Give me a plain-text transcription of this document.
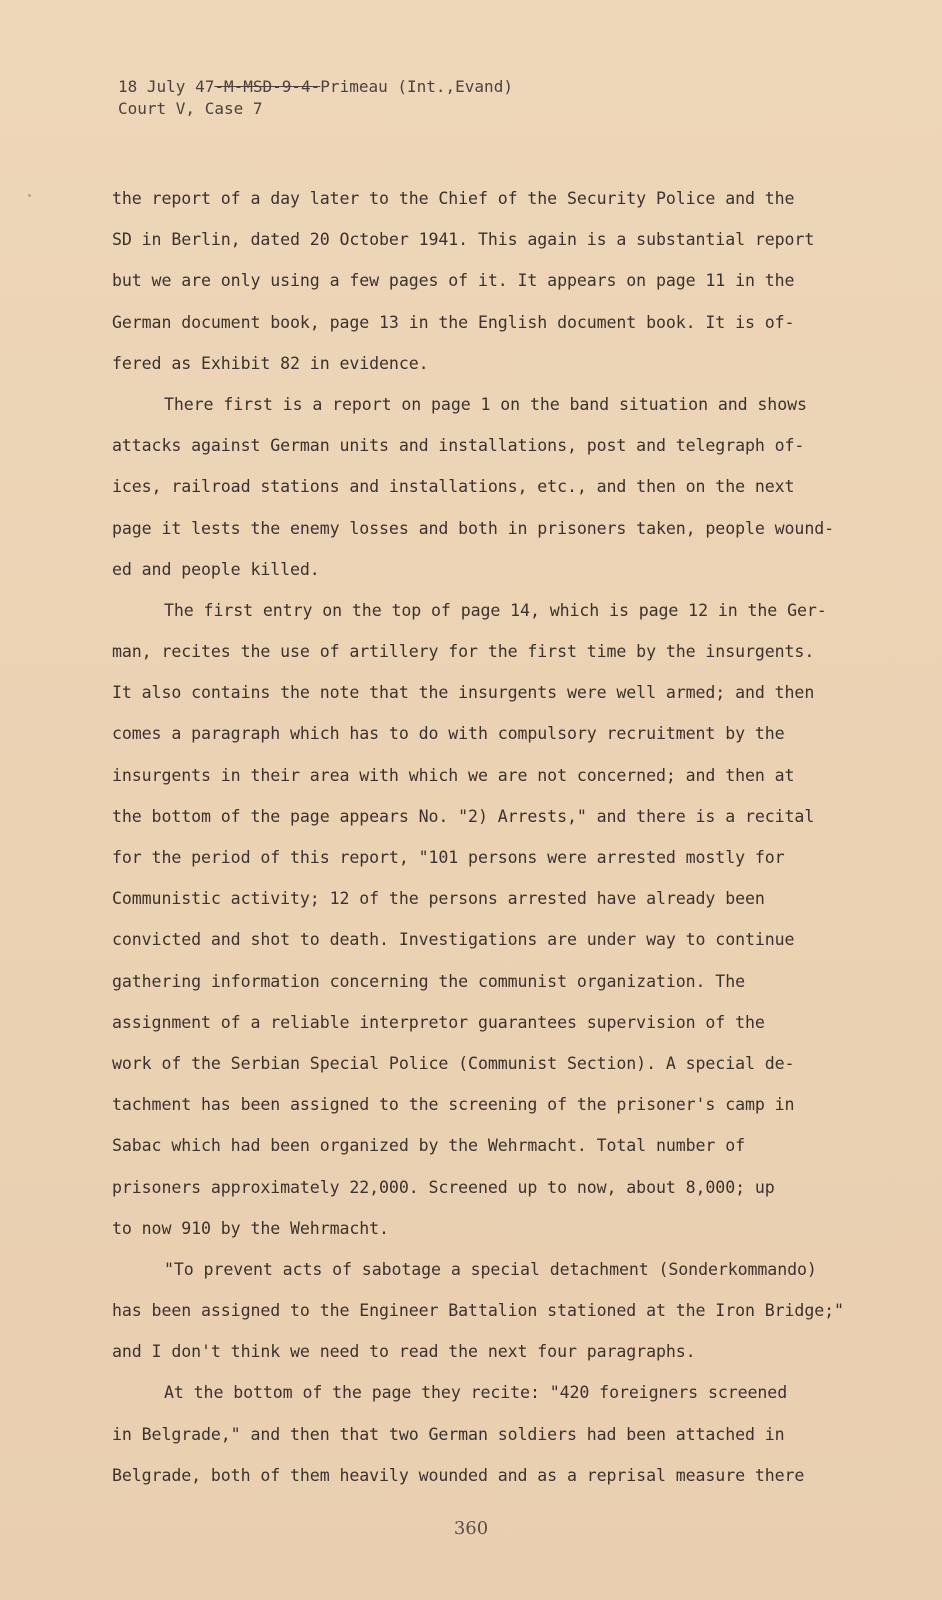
18 July 47-M-MSD-9-4-Primeau (Int.,Evand)
Court V, Case 7
the report of a day later to the Chief of the Security Police and the
SD in Berlin, dated 20 October 1941. This again is a substantial report
but we are only using a few pages of it. It appears on page 11 in the
German document book, page 13 in the English document book. It is of-
fered as Exhibit 82 in evidence.
There first is a report on page 1 on the band situation and shows
attacks against German units and installations, post and telegraph of-
ices, railroad stations and installations, etc., and then on the next
page it lests the enemy losses and both in prisoners taken, people wound-
ed and people killed.
The first entry on the top of page 14, which is page 12 in the Ger-
man, recites the use of artillery for the first time by the insurgents.
It also contains the note that the insurgents were well armed; and then
comes a paragraph which has to do with compulsory recruitment by the
insurgents in their area with which we are not concerned; and then at
the bottom of the page appears No. "2) Arrests," and there is a recital
for the period of this report, "101 persons were arrested mostly for
Communistic activity; 12 of the persons arrested have already been
convicted and shot to death. Investigations are under way to continue
gathering information concerning the communist organization. The
assignment of a reliable interpretor guarantees supervision of the
work of the Serbian Special Police (Communist Section). A special de-
tachment has been assigned to the screening of the prisoner's camp in
Sabac which had been organized by the Wehrmacht. Total number of
prisoners approximately 22,000. Screened up to now, about 8,000; up
to now 910 by the Wehrmacht.
"To prevent acts of sabotage a special detachment (Sonderkommando)
has been assigned to the Engineer Battalion stationed at the Iron Bridge;"
and I don't think we need to read the next four paragraphs.
At the bottom of the page they recite: "420 foreigners screened
in Belgrade," and then that two German soldiers had been attached in
Belgrade, both of them heavily wounded and as a reprisal measure there
360
